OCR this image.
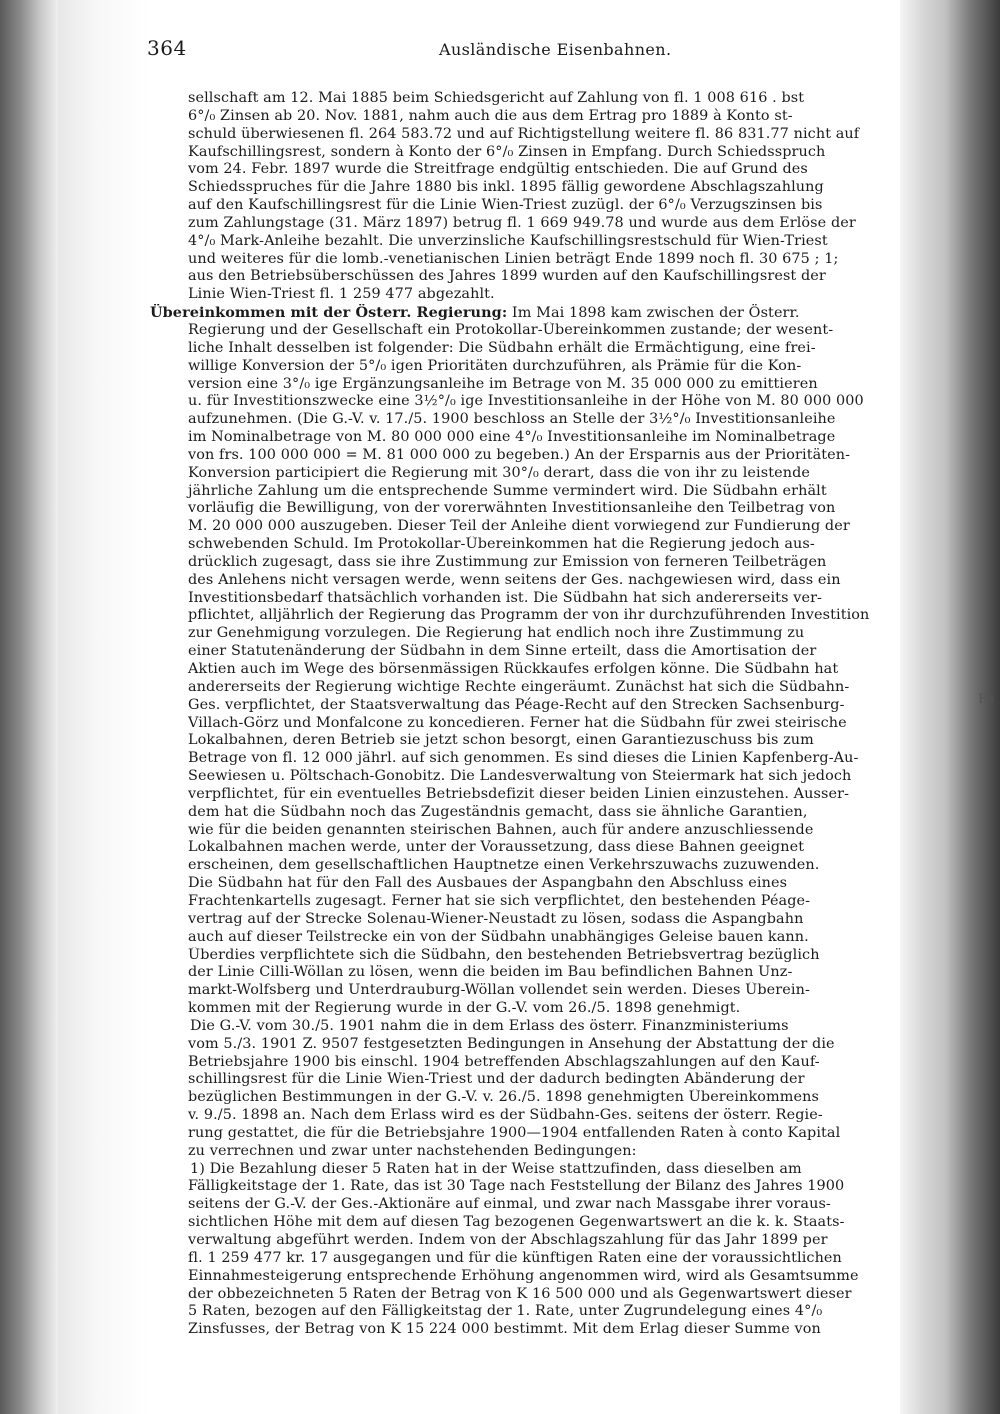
Fe
364	Ausländische Eisenbahnen.
sellschaft am 12. Mai 1885 beim Schiedsgericht auf Zahlung von fl. 1 008 616 . bst
6°/₀ Zinsen ab 20. Nov. 1881, nahm auch die aus dem Ertrag pro 1889 à Konto st-
schuld überwiesenen fl. 264 583.72 und auf Richtigstellung weitere fl. 86 831.77 nicht auf
Kaufschillingsrest, sondern à Konto der 6°/₀ Zinsen in Empfang. Durch Schiedsspruch
vom 24. Febr. 1897 wurde die Streitfrage endgültig entschieden. Die auf Grund des
Schiedsspruches für die Jahre 1880 bis inkl. 1895 fällig gewordene Abschlagszahlung
auf den Kaufschillingsrest für die Linie Wien-Triest zuzügl. der 6°/₀ Verzugszinsen bis
zum Zahlungstage (31. März 1897) betrug fl. 1 669 949.78 und wurde aus dem Erlöse der
4°/₀ Mark-Anleihe bezahlt. Die unverzinsliche Kaufschillingsrestschuld für Wien-Triest
und weiteres für die lomb.-venetianischen Linien beträgt Ende 1899 noch fl. 30 675 ; 1;
aus den Betriebsüberschüssen des Jahres 1899 wurden auf den Kaufschillingsrest der
Linie Wien-Triest fl. 1 259 477 abgezahlt.
Übereinkommen mit der Österr. Regierung: Im Mai 1898 kam zwischen der Österr.
Regierung und der Gesellschaft ein Protokollar-Übereinkommen zustande; der wesent-
liche Inhalt desselben ist folgender: Die Südbahn erhält die Ermächtigung, eine frei-
willige Konversion der 5°/₀ igen Prioritäten durchzuführen, als Prämie für die Kon-
version eine 3°/₀ ige Ergänzungsanleihe im Betrage von M. 35 000 000 zu emittieren
u. für Investitionszwecke eine 3½°/₀ ige Investitionsanleihe in der Höhe von M. 80 000 000
aufzunehmen. (Die G.-V. v. 17./5. 1900 beschloss an Stelle der 3½°/₀ Investitionsanleihe
im Nominalbetrage von M. 80 000 000 eine 4°/₀ Investitionsanleihe im Nominalbetrage
von frs. 100 000 000 = M. 81 000 000 zu begeben.) An der Ersparnis aus der Prioritäten-
Konversion participiert die Regierung mit 30°/₀ derart, dass die von ihr zu leistende
jährliche Zahlung um die entsprechende Summe vermindert wird. Die Südbahn erhält
vorläufig die Bewilligung, von der vorerwähnten Investitionsanleihe den Teilbetrag von
M. 20 000 000 auszugeben. Dieser Teil der Anleihe dient vorwiegend zur Fundierung der
schwebenden Schuld. Im Protokollar-Übereinkommen hat die Regierung jedoch aus-
drücklich zugesagt, dass sie ihre Zustimmung zur Emission von ferneren Teilbeträgen
des Anlehens nicht versagen werde, wenn seitens der Ges. nachgewiesen wird, dass ein
Investitionsbedarf thatsächlich vorhanden ist. Die Südbahn hat sich andererseits ver-
pflichtet, alljährlich der Regierung das Programm der von ihr durchzuführenden Investition
zur Genehmigung vorzulegen. Die Regierung hat endlich noch ihre Zustimmung zu
einer Statutenänderung der Südbahn in dem Sinne erteilt, dass die Amortisation der
Aktien auch im Wege des börsenmässigen Rückkaufes erfolgen könne. Die Südbahn hat
andererseits der Regierung wichtige Rechte eingeräumt. Zunächst hat sich die Südbahn-
Ges. verpflichtet, der Staatsverwaltung das Péage-Recht auf den Strecken Sachsenburg-
Villach-Görz und Monfalcone zu koncedieren. Ferner hat die Südbahn für zwei steirische
Lokalbahnen, deren Betrieb sie jetzt schon besorgt, einen Garantiezuschuss bis zum
Betrage von fl. 12 000 jährl. auf sich genommen. Es sind dieses die Linien Kapfenberg-Au-
Seewiesen u. Pöltschach-Gonobitz. Die Landesverwaltung von Steiermark hat sich jedoch
verpflichtet, für ein eventuelles Betriebsdefizit dieser beiden Linien einzustehen. Ausser-
dem hat die Südbahn noch das Zugeständnis gemacht, dass sie ähnliche Garantien,
wie für die beiden genannten steirischen Bahnen, auch für andere anzuschliessende
Lokalbahnen machen werde, unter der Voraussetzung, dass diese Bahnen geeignet
erscheinen, dem gesellschaftlichen Hauptnetze einen Verkehrszuwachs zuzuwenden.
Die Südbahn hat für den Fall des Ausbaues der Aspangbahn den Abschluss eines
Frachtenkartells zugesagt. Ferner hat sie sich verpflichtet, den bestehenden Péage-
vertrag auf der Strecke Solenau-Wiener-Neustadt zu lösen, sodass die Aspangbahn
auch auf dieser Teilstrecke ein von der Südbahn unabhängiges Geleise bauen kann.
Überdies verpflichtete sich die Südbahn, den bestehenden Betriebsvertrag bezüglich
der Linie Cilli-Wöllan zu lösen, wenn die beiden im Bau befindlichen Bahnen Unz-
markt-Wolfsberg und Unterdrauburg-Wöllan vollendet sein werden. Dieses Überein-
kommen mit der Regierung wurde in der G.-V. vom 26./5. 1898 genehmigt.
Die G.-V. vom 30./5. 1901 nahm die in dem Erlass des österr. Finanzministeriums
vom 5./3. 1901 Z. 9507 festgesetzten Bedingungen in Ansehung der Abstattung der die
Betriebsjahre 1900 bis einschl. 1904 betreffenden Abschlagszahlungen auf den Kauf-
schillingsrest für die Linie Wien-Triest und der dadurch bedingten Abänderung der
bezüglichen Bestimmungen in der G.-V. v. 26./5. 1898 genehmigten Übereinkommens
v. 9./5. 1898 an. Nach dem Erlass wird es der Südbahn-Ges. seitens der österr. Regie-
rung gestattet, die für die Betriebsjahre 1900—1904 entfallenden Raten à conto Kapital
zu verrechnen und zwar unter nachstehenden Bedingungen:
1) Die Bezahlung dieser 5 Raten hat in der Weise stattzufinden, dass dieselben am
Fälligkeitstage der 1. Rate, das ist 30 Tage nach Feststellung der Bilanz des Jahres 1900
seitens der G.-V. der Ges.-Aktionäre auf einmal, und zwar nach Massgabe ihrer voraus-
sichtlichen Höhe mit dem auf diesen Tag bezogenen Gegenwartswert an die k. k. Staats-
verwaltung abgeführt werden. Indem von der Abschlagszahlung für das Jahr 1899 per
fl. 1 259 477 kr. 17 ausgegangen und für die künftigen Raten eine der voraussichtlichen
Einnahmesteigerung entsprechende Erhöhung angenommen wird, wird als Gesamtsumme
der obbezeichneten 5 Raten der Betrag von K 16 500 000 und als Gegenwartswert dieser
5 Raten, bezogen auf den Fälligkeitstag der 1. Rate, unter Zugrundelegung eines 4°/₀
Zinsfusses, der Betrag von K 15 224 000 bestimmt. Mit dem Erlag dieser Summe von
